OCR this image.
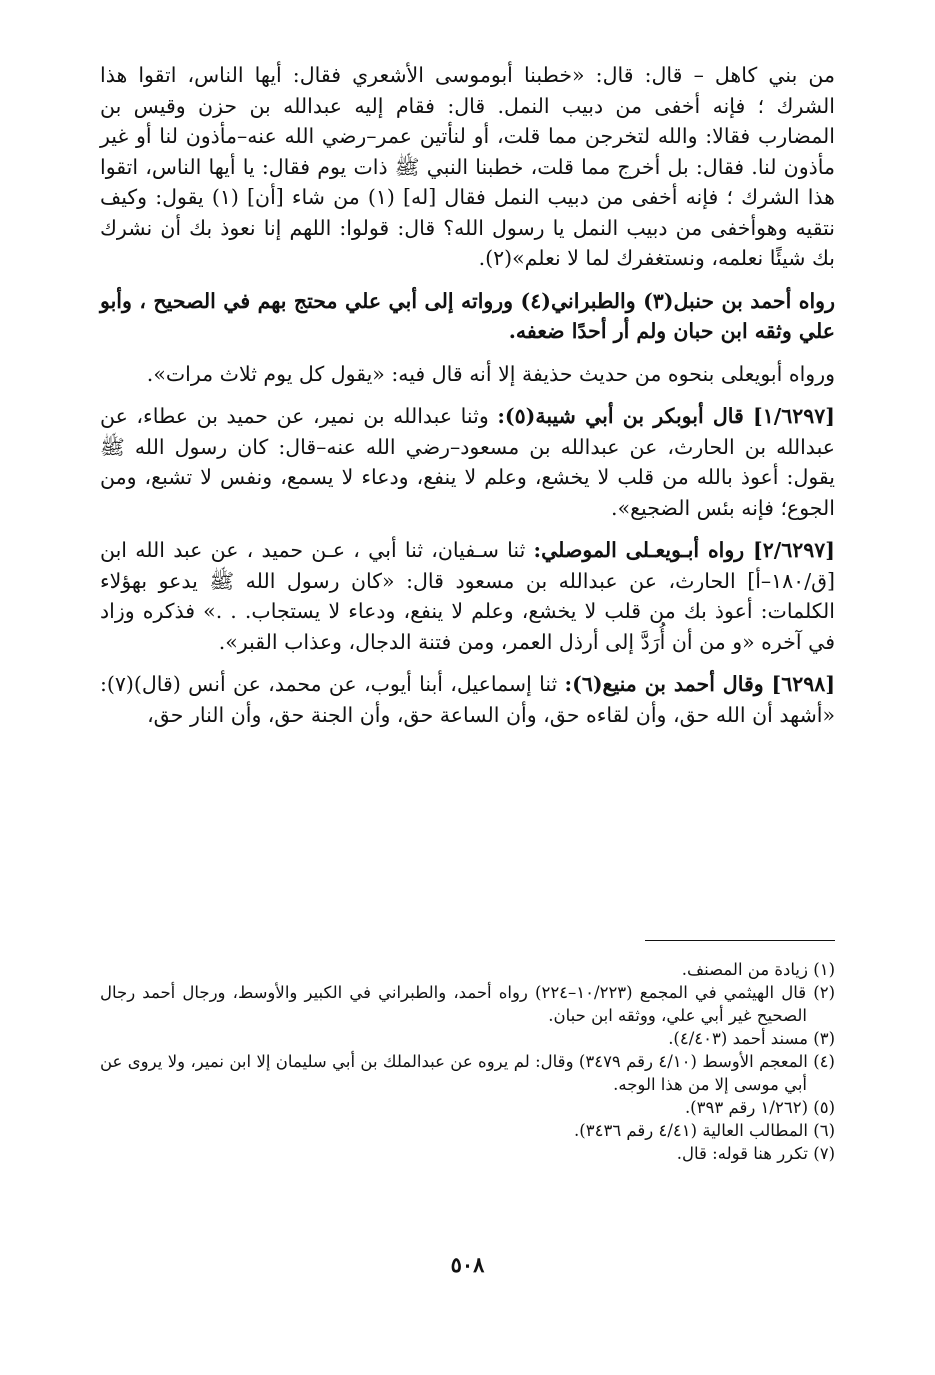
من بني كاهل – قال: قال: «خطبنا أبوموسى الأشعري فقال: أيها الناس، اتقوا هذا الشرك ؛ فإنه أخفى من دبيب النمل. قال: فقام إليه عبدالله بن حزن وقيس بن المضارب فقالا: والله لتخرجن مما قلت، أو لنأتين عمر–رضي الله عنه–مأذون لنا أو غير مأذون لنا. فقال: بل أخرج مما قلت، خطبنا النبي ﷺ ذات يوم فقال: يا أيها الناس، اتقوا هذا الشرك ؛ فإنه أخفى من دبيب النمل فقال [له] (١) من شاء [أن] (١) يقول: وكيف نتقيه وهوأخفى من دبيب النمل يا رسول الله؟ قال: قولوا: اللهم إنا نعوذ بك أن نشرك بك شيئًا نعلمه، ونستغفرك لما لا نعلم»(٢).

رواه أحمد بن حنبل(٣) والطبراني(٤) ورواته إلى أبي علي محتج بهم في الصحيح ، وأبو علي وثقه ابن حبان ولم أر أحدًا ضعفه.

ورواه أبويعلى بنحوه من حديث حذيفة إلا أنه قال فيه: «يقول كل يوم ثلاث مرات».

[١/٦٢٩٧] قال أبوبكر بن أبي شيبة(٥): وثنا عبدالله بن نمير، عن حميد بن عطاء، عن عبدالله بن الحارث، عن عبدالله بن مسعود–رضي الله عنه–قال: كان رسول الله ﷺ يقول: أعوذ بالله من قلب لا يخشع، وعلم لا ينفع، ودعاء لا يسمع، ونفس لا تشبع، ومن الجوع؛ فإنه بئس الضجيع».

[٢/٦٢٩٧] رواه أبـويعـلى الموصلي: ثنا سـفيان، ثنا أبي ، عـن حميد ، عن عبد الله ابن [ق/١٨٠–أ] الحارث، عن عبدالله بن مسعود قال: «كان رسول الله ﷺ يدعو بهؤلاء الكلمات: أعوذ بك من قلب لا يخشع، وعلم لا ينفع، ودعاء لا يستجاب. . .» فذكره وزاد في آخره «و من أن أُرَدَّ إلى أرذل العمر، ومن فتنة الدجال، وعذاب القبر».

[٦٢٩٨] وقال أحمد بن منيع(٦): ثنا إسماعيل، أبنا أيوب، عن محمد، عن أنس (قال)(٧): «أشهد أن الله حق، وأن لقاءه حق، وأن الساعة حق، وأن الجنة حق، وأن النار حق،

(١) زيادة من المصنف.

(٢) قال الهيثمي في المجمع (١٠/٢٢٣–٢٢٤) رواه أحمد، والطبراني في الكبير والأوسط، ورجال أحمد رجال الصحيح غير أبي علي، ووثقه ابن حبان.

(٣) مسند أحمد (٤/٤٠٣).

(٤) المعجم الأوسط (٤/١٠ رقم ٣٤٧٩) وقال: لم يروه عن عبدالملك بن أبي سليمان إلا ابن نمير، ولا يروى عن أبي موسى إلا من هذا الوجه.

(٥) (١/٢٦٢ رقم ٣٩٣).

(٦) المطالب العالية (٤/٤١ رقم ٣٤٣٦).

(٧) تكرر هنا قوله: قال.

٥٠٨
